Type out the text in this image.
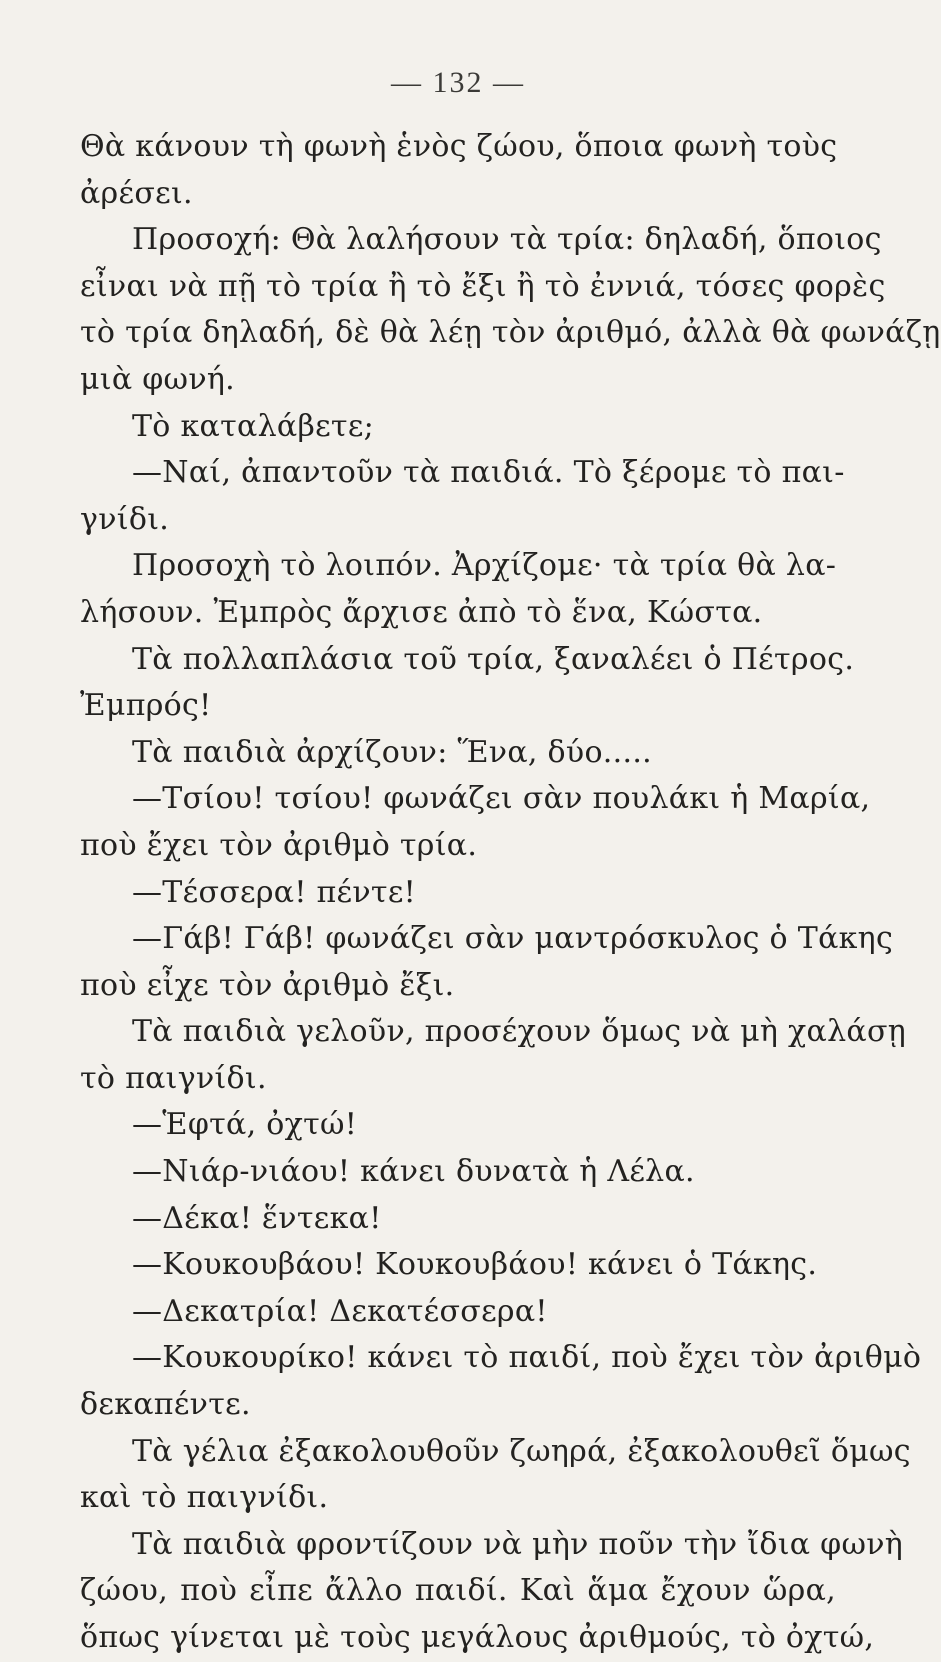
— 132 —
Θὰ κάνουν τὴ φωνὴ ἑνὸς ζώου, ὅποια φωνὴ τοὺς
ἀρέσει.
Προσοχή: Θὰ λαλήσουν τὰ τρία: δηλαδή, ὅποιος
εἶναι νὰ πῇ τὸ τρία ἢ τὸ ἔξι ἢ τὸ ἐννιά, τόσες φορὲς
τὸ τρία δηλαδή, δὲ θὰ λέῃ τὸν ἀριθμό, ἀλλὰ θὰ φωνάζῃ
μιὰ φωνή.
Τὸ καταλάβετε;
—Ναί, ἀπαντοῦν τὰ παιδιά. Τὸ ξέρομε τὸ παι-
γνίδι.
Προσοχὴ τὸ λοιπόν. Ἀρχίζομε· τὰ τρία θὰ λα-
λήσουν. Ἐμπρὸς ἄρχισε ἀπὸ τὸ ἕνα, Κώστα.
Τὰ πολλαπλάσια τοῦ τρία, ξαναλέει ὁ Πέτρος.
Ἐμπρός!
Τὰ παιδιὰ ἀρχίζουν: Ἕνα, δύο.....
—Τσίου! τσίου! φωνάζει σὰν πουλάκι ἡ Μαρία,
ποὺ ἔχει τὸν ἀριθμὸ τρία.
—Τέσσερα! πέντε!
—Γάβ! Γάβ! φωνάζει σὰν μαντρόσκυλος ὁ Τάκης
ποὺ εἶχε τὸν ἀριθμὸ ἔξι.
Τὰ παιδιὰ γελοῦν, προσέχουν ὅμως νὰ μὴ χαλάσῃ
τὸ παιγνίδι.
—Ἑφτά, ὀχτώ!
—Νιάρ-νιάου! κάνει δυνατὰ ἡ Λέλα.
—Δέκα! ἕντεκα!
—Κουκουβάου! Κουκουβάου! κάνει ὁ Τάκης.
—Δεκατρία! Δεκατέσσερα!
—Κουκουρίκο! κάνει τὸ παιδί, ποὺ ἔχει τὸν ἀριθμὸ
δεκαπέντε.
Τὰ γέλια ἐξακολουθοῦν ζωηρά, ἐξακολουθεῖ ὅμως
καὶ τὸ παιγνίδι.
Τὰ παιδιὰ φροντίζουν νὰ μὴν ποῦν τὴν ἴδια φωνὴ
ζώου, ποὺ εἶπε ἄλλο παιδί. Καὶ ἅμα ἔχουν ὥρα,
ὅπως γίνεται μὲ τοὺς μεγάλους ἀριθμούς, τὸ ὀχτώ,
